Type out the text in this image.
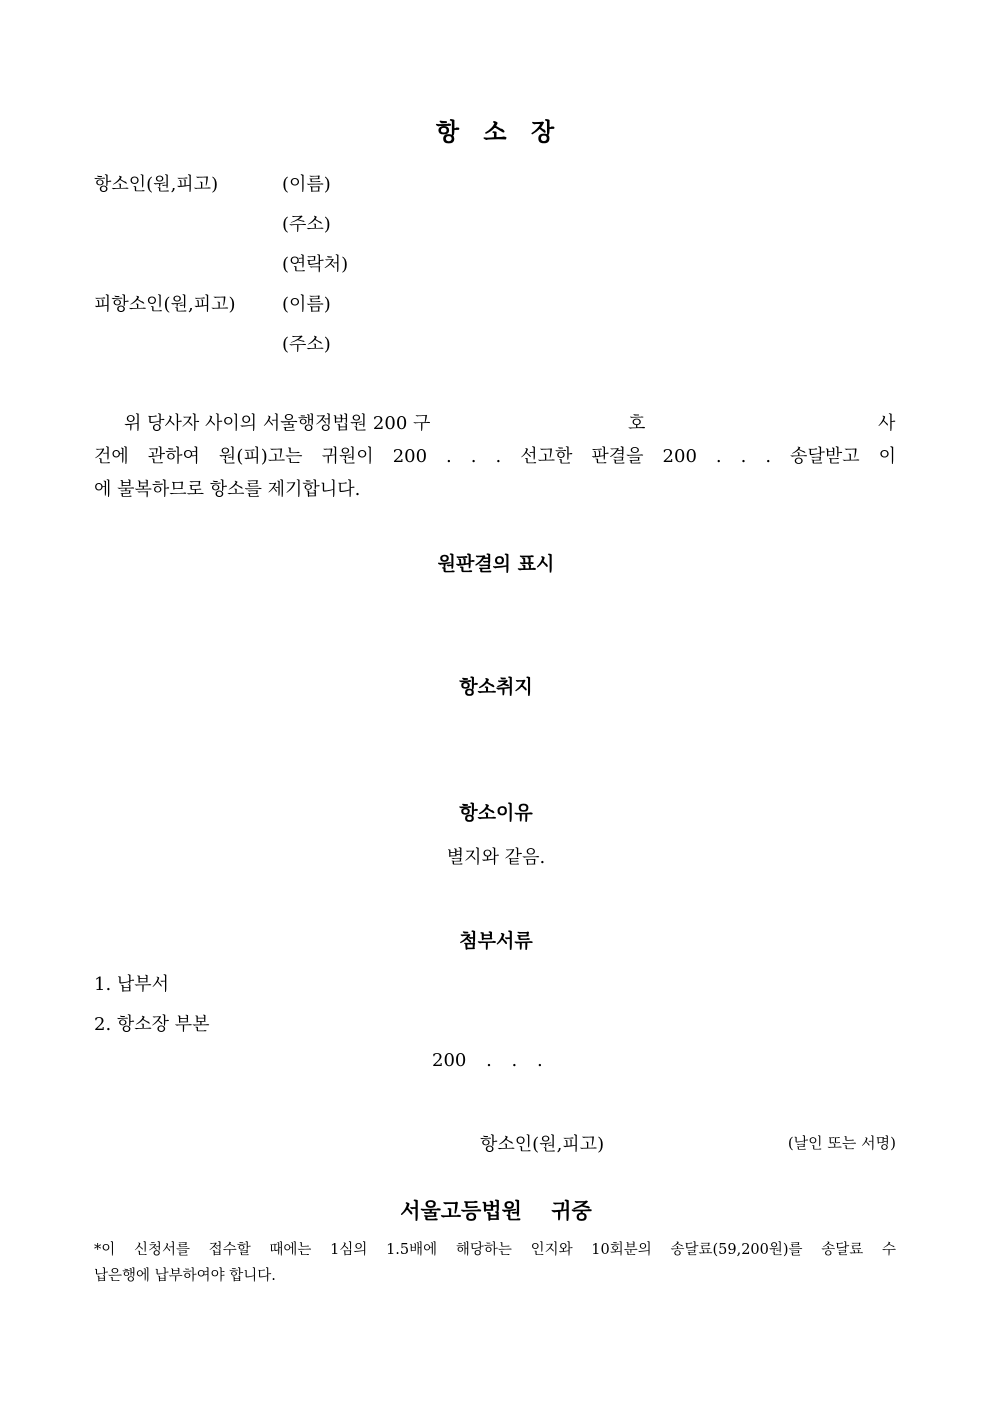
항 소 장
항소인(원,피고)	(이름)
(주소)
(연락처)
피항소인(원,피고)	(이름)
(주소)
위 당사자 사이의 서울행정법원 200 구	호	사
건에 관하여 원(피)고는 귀원이 200 . . . 선고한 판결을 200 . . . 송달받고 이
에 불복하므로 항소를 제기합니다.
원판결의 표시
항소취지
항소이유
별지와 같음.
첨부서류
1. 납부서
2. 항소장 부본
200 . . .
항소인(원,피고)	(날인 또는 서명)
서울고등법원 귀중
*이 신청서를 접수할 때에는 1심의 1.5배에 해당하는 인지와 10회분의 송달료(59,200원)를 송달료 수
납은행에 납부하여야 합니다.
